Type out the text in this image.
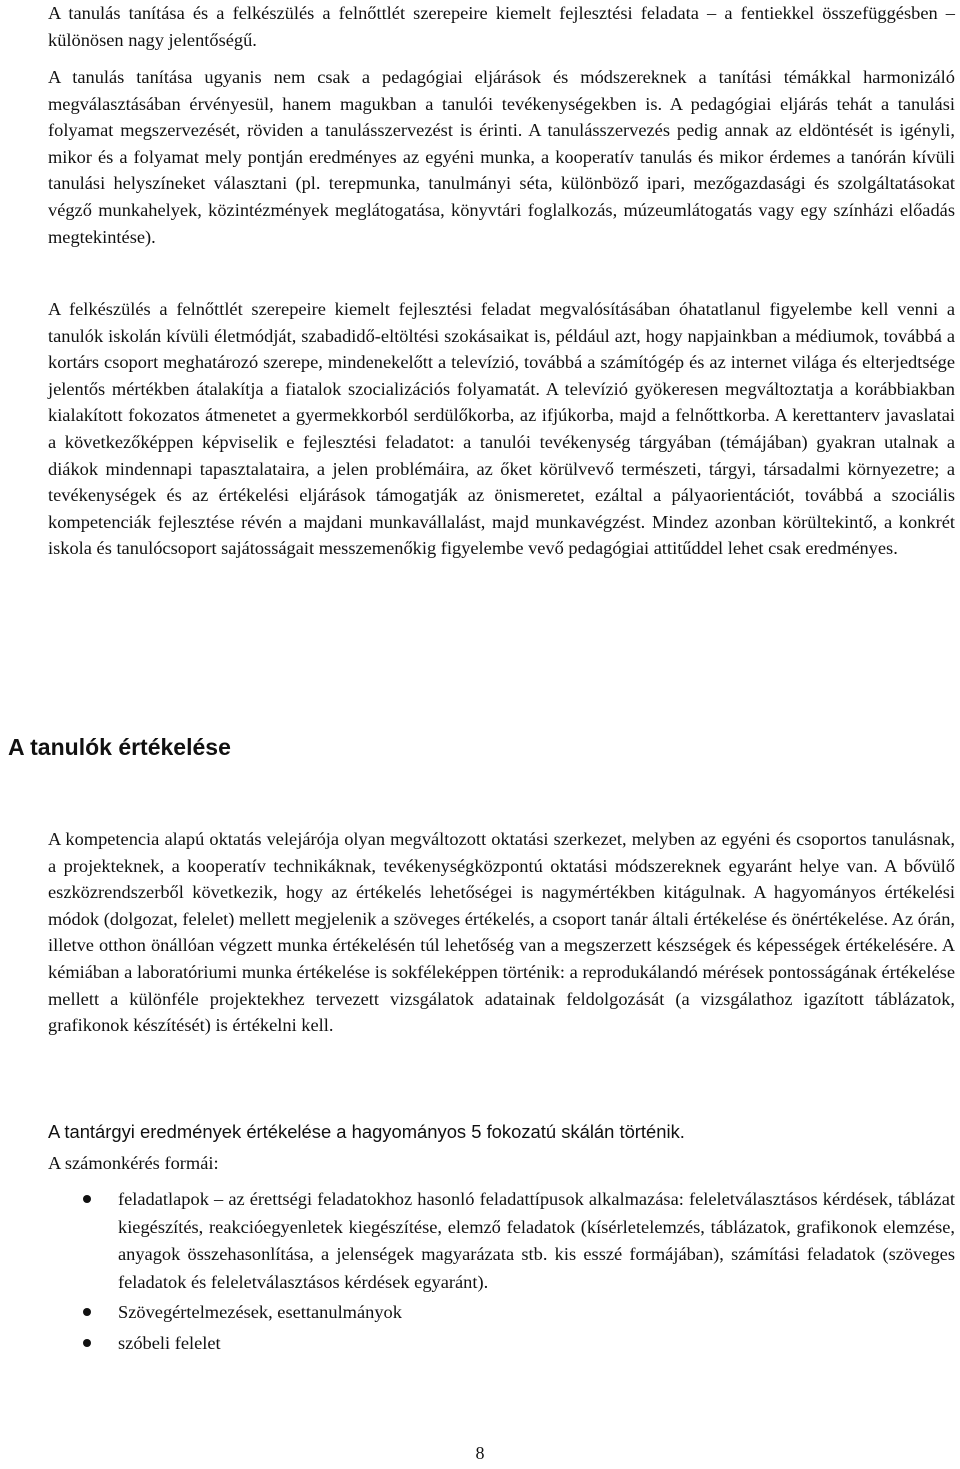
A tanulás tanítása és a felkészülés a felnőttlét szerepeire kiemelt fejlesztési feladata – a fentiekkel összefüggésben – különösen nagy jelentőségű.

A tanulás tanítása ugyanis nem csak a pedagógiai eljárások és módszereknek a tanítási témákkal harmonizáló megválasztásában érvényesül, hanem magukban a tanulói tevékenységekben is. A pedagógiai eljárás tehát a tanulási folyamat megszervezését, röviden a tanulásszervezést is érinti. A tanulásszervezés pedig annak az eldöntését is igényli, mikor és a folyamat mely pontján eredményes az egyéni munka, a kooperatív tanulás és mikor érdemes a tanórán kívüli tanulási helyszíneket választani (pl. terepmunka, tanulmányi séta, különböző ipari, mezőgazdasági és szolgáltatásokat végző munkahelyek, közintézmények meglátogatása, könyvtári foglalkozás, múzeumlátogatás vagy egy színházi előadás megtekintése).

A felkészülés a felnőttlét szerepeire kiemelt fejlesztési feladat megvalósításában óhatatlanul figyelembe kell venni a tanulók iskolán kívüli életmódját, szabadidő-eltöltési szokásaikat is, például azt, hogy napjainkban a médiumok, továbbá a kortárs csoport meghatározó szerepe, mindenekelőtt a televízió, továbbá a számítógép és az internet világa és elterjedtsége jelentős mértékben átalakítja a fiatalok szocializációs folyamatát. A televízió gyökeresen megváltoztatja a korábbiakban kialakított fokozatos átmenetet a gyermekkorból serdülőkorba, az ifjúkorba, majd a felnőttkorba. A kerettanterv javaslatai a következőképpen képviselik e fejlesztési feladatot: a tanulói tevékenység tárgyában (témájában) gyakran utalnak a diákok mindennapi tapasztalataira, a jelen problémáira, az őket körülvevő természeti, tárgyi, társadalmi környezetre; a tevékenységek és az értékelési eljárások támogatják az önismeretet, ezáltal a pályaorientációt, továbbá a szociális kompetenciák fejlesztése révén a majdani munkavállalást, majd munkavégzést. Mindez azonban körültekintő, a konkrét iskola és tanulócsoport sajátosságait messzemenőkig figyelembe vevő pedagógiai attitűddel lehet csak eredményes.

A tanulók értékelése

A kompetencia alapú oktatás velejárója olyan megváltozott oktatási szerkezet, melyben az egyéni és csoportos tanulásnak, a projekteknek, a kooperatív technikáknak, tevékenységközpontú oktatási módszereknek egyaránt helye van. A bővülő eszközrendszerből következik, hogy az értékelés lehetőségei is nagymértékben kitágulnak. A hagyományos értékelési módok (dolgozat, felelet) mellett megjelenik a szöveges értékelés, a csoport tanár általi értékelése és önértékelése. Az órán, illetve otthon önállóan végzett munka értékelésén túl lehetőség van a megszerzett készségek és képességek értékelésére. A kémiában a laboratóriumi munka értékelése is sokféleképpen történik: a reprodukálandó mérések pontosságának értékelése mellett a különféle projektekhez tervezett vizsgálatok adatainak feldolgozását (a vizsgálathoz igazított táblázatok, grafikonok készítését) is értékelni kell.

A tantárgyi eredmények értékelése a hagyományos 5 fokozatú skálán történik.

A számonkérés formái:

feladatlapok – az érettségi feladatokhoz hasonló feladattípusok alkalmazása: feleletválasztásos kérdések, táblázat kiegészítés, reakcióegyenletek kiegészítése, elemző feladatok (kísérletelemzés, táblázatok, grafikonok elemzése, anyagok összehasonlítása, a jelenségek magyarázata stb. kis esszé formájában), számítási feladatok (szöveges feladatok és feleletválasztásos kérdések egyaránt).
Szövegértelmezések, esettanulmányok
szóbeli felelet
8
